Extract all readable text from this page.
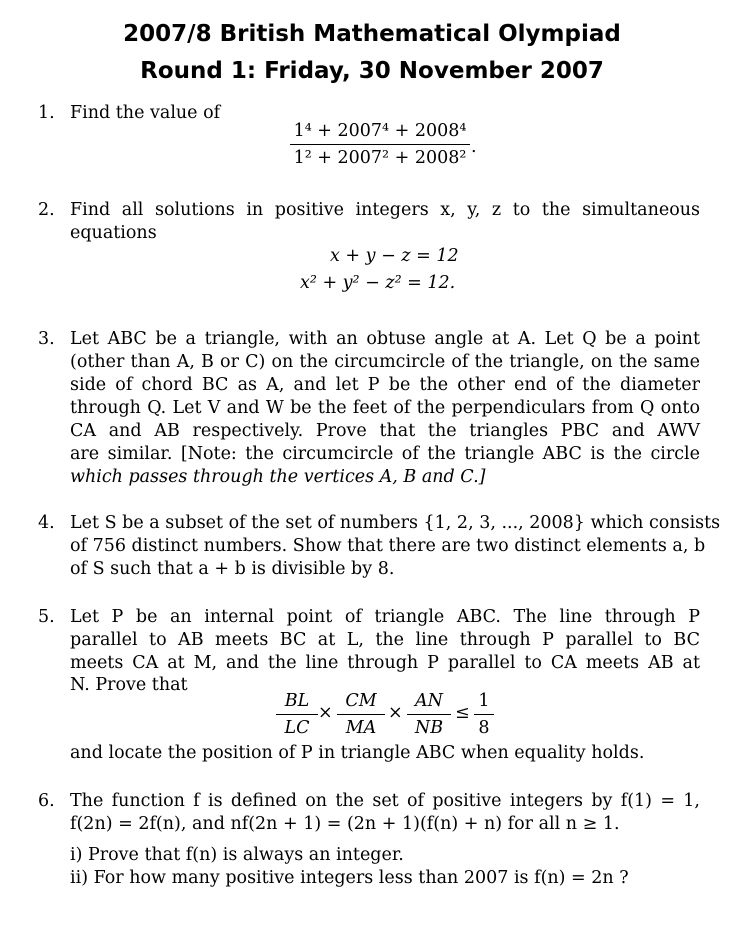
2007/8 British Mathematical Olympiad
Round 1: Friday, 30 November 2007
1. Find the value of
1⁴ + 2007⁴ + 2008⁴
1² + 2007² + 2008²
.
2. Find all solutions in positive integers x, y, z to the simultaneous
equations
x + y − z = 12
x² + y² − z² = 12.
3. Let ABC be a triangle, with an obtuse angle at A. Let Q be a point
(other than A, B or C) on the circumcircle of the triangle, on the same
side of chord BC as A, and let P be the other end of the diameter
through Q. Let V and W be the feet of the perpendiculars from Q onto
CA and AB respectively. Prove that the triangles PBC and AWV
are similar. [Note: the circumcircle of the triangle ABC is the circle
which passes through the vertices A, B and C.]
4. Let S be a subset of the set of numbers {1, 2, 3, ..., 2008} which consists
of 756 distinct numbers. Show that there are two distinct elements a, b
of S such that a + b is divisible by 8.
5. Let P be an internal point of triangle ABC. The line through P
parallel to AB meets BC at L, the line through P parallel to BC
meets CA at M, and the line through P parallel to CA meets AB at
N. Prove that
BL
LC
×
CM
MA
×
AN
NB
≤
1
8
and locate the position of P in triangle ABC when equality holds.
6. The function f is defined on the set of positive integers by f(1) = 1,
f(2n) = 2f(n), and nf(2n + 1) = (2n + 1)(f(n) + n) for all n ≥ 1.
i) Prove that f(n) is always an integer.
ii) For how many positive integers less than 2007 is f(n) = 2n ?
